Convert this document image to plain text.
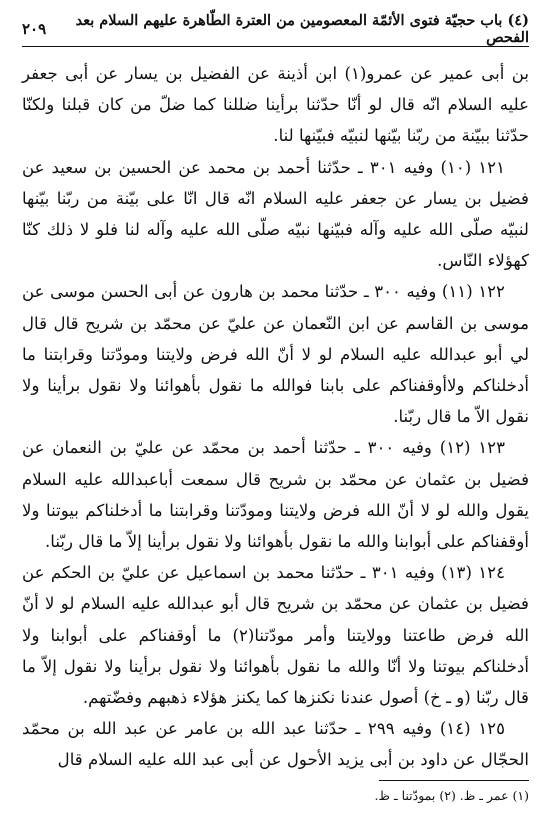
٢٠٩	(٤) باب حجيّة فتوى الأئمّة المعصومين من العترة الطّاهرة عليهم السلام بعد الفحص

بن أبى عمير عن عمرو(١) ابن أذينة عن الفضيل بن يسار عن أبى جعفر عليه السلام انّه قال لو أنّا حدّثنا برأينا ضللنا كما ضلّ من كان قبلنا ولكنّا حدّثنا ببيّنة من ربّنا بيّنها لنبيّه فبيّنها لنا.

١٢١ (١٠) وفيه ٣٠١ ـ حدّثنا أحمد بن محمد عن الحسين بن سعيد عن فضيل بن يسار عن جعفر عليه السلام انّه قال انّا على بيّنة من ربّنا بيّنها لنبيّه صلّى الله عليه وآله فبيّنها نبيّه صلّى الله عليه وآله لنا فلو لا ذلك كنّا كهؤلاء النّاس.

١٢٢ (١١) وفيه ٣٠٠ ـ حدّثنا محمد بن هارون عن أبى الحسن موسى عن موسى بن القاسم عن ابن النّعمان عن عليّ عن محمّد بن شريح قال قال لي أبو عبدالله عليه السلام لو لا أنّ الله فرض ولايتنا ومودّتنا وقرابتنا ما أدخلناكم ولاأوقفناكم على بابنا فوالله ما نقول بأهوائنا ولا نقول برأينا ولا نقول الاّ ما قال ربّنا.

١٢٣ (١٢) وفيه ٣٠٠ ـ حدّثنا أحمد بن محمّد عن عليّ بن النعمان عن فضيل بن عثمان عن محمّد بن شريح قال سمعت أباعبدالله عليه السلام يقول والله لو لا أنّ الله فرض ولايتنا ومودّتنا وقرابتنا ما أدخلناكم بيوتنا ولا أوقفناكم على أبوابنا والله ما نقول بأهوائنا ولا نقول برأينا إلاّ ما قال ربّنا.

١٢٤ (١٣) وفيه ٣٠١ ـ حدّثنا محمد بن اسماعيل عن عليّ بن الحكم عن فضيل بن عثمان عن محمّد بن شريح قال أبو عبدالله عليه السلام لو لا أنّ الله فرض طاعتنا وولايتنا وأمر مودّتنا(٢) ما أوقفناكم على أبوابنا ولا أدخلناكم بيوتنا ولا أنّا والله ما نقول بأهوائنا ولا نقول برأينا ولا نقول إلاّ ما قال ربّنا (و ـ خ) أصول عندنا نكنزها كما يكنز هؤلاء ذهبهم وفضّتهم.

١٢٥ (١٤) وفيه ٢٩٩ ـ حدّثنا عبد الله بن عامر عن عبد الله بن محمّد الحجّال عن داود بن أبى يزيد الأحول عن أبى عبد الله عليه السلام قال

(١) عمر ـ ظ. (٢) بمودّتنا ـ ظ.
